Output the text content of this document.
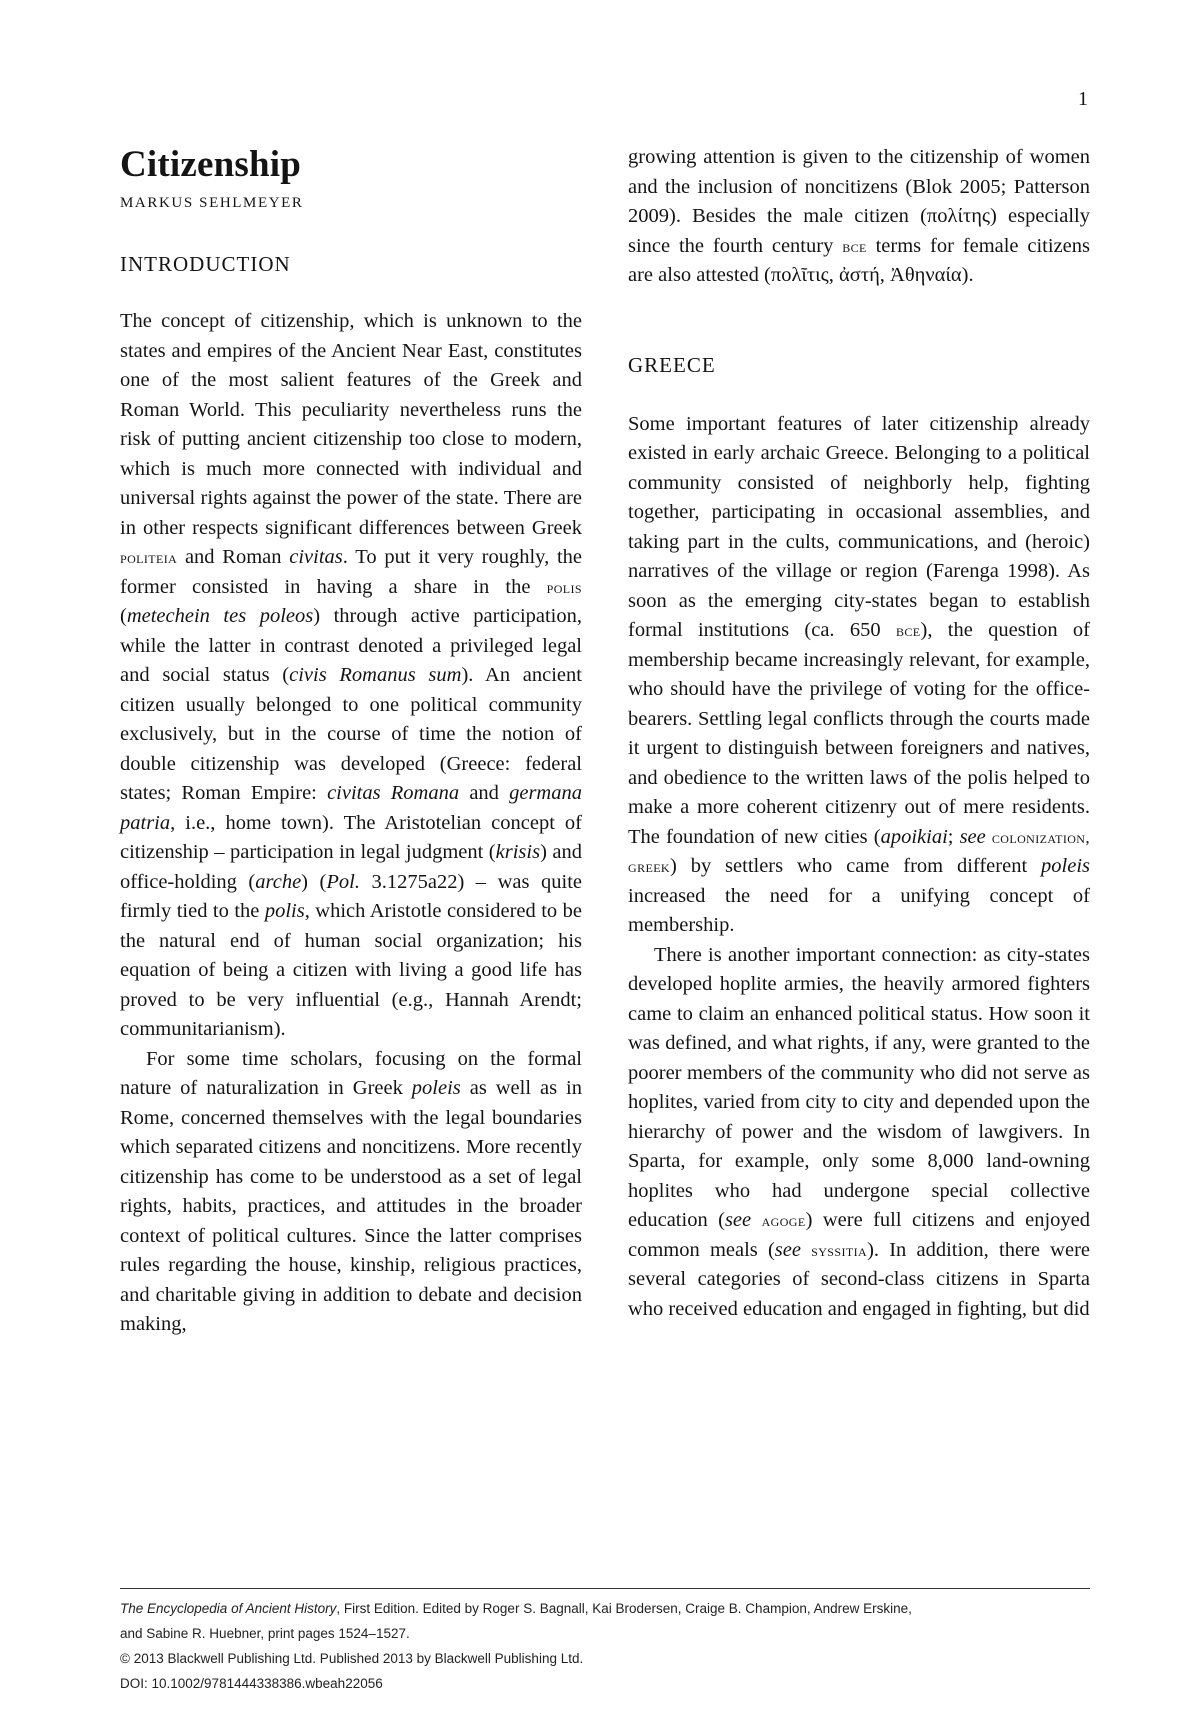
1
Citizenship

MARKUS SEHLMEYER

INTRODUCTION

The concept of citizenship, which is unknown to the states and empires of the Ancient Near East, constitutes one of the most salient features of the Greek and Roman World. This peculiarity nevertheless runs the risk of putting ancient citizenship too close to modern, which is much more connected with individual and universal rights against the power of the state. There are in other respects significant differences between Greek politeia and Roman civitas. To put it very roughly, the former consisted in having a share in the polis (metechein tes poleos) through active participation, while the latter in contrast denoted a privileged legal and social status (civis Romanus sum). An ancient citizen usually belonged to one political community exclusively, but in the course of time the notion of double citizenship was developed (Greece: federal states; Roman Empire: civitas Romana and germana patria, i.e., home town). The Aristotelian concept of citizenship – participation in legal judgment (krisis) and office-holding (arche) (Pol. 3.1275a22) – was quite firmly tied to the polis, which Aristotle considered to be the natural end of human social organization; his equation of being a citizen with living a good life has proved to be very influential (e.g., Hannah Arendt; communitarianism).

For some time scholars, focusing on the formal nature of naturalization in Greek poleis as well as in Rome, concerned themselves with the legal boundaries which separated citizens and noncitizens. More recently citizenship has come to be understood as a set of legal rights, habits, practices, and attitudes in the broader context of political cultures. Since the latter comprises rules regarding the house, kinship, religious practices, and charitable giving in addition to debate and decision making,

growing attention is given to the citizenship of women and the inclusion of noncitizens (Blok 2005; Patterson 2009). Besides the male citizen (πολίτης) especially since the fourth century bce terms for female citizens are also attested (πολῖτις, ἀστή, Ἀθηναία).

GREECE

Some important features of later citizenship already existed in early archaic Greece. Belonging to a political community consisted of neighborly help, fighting together, participating in occasional assemblies, and taking part in the cults, communications, and (heroic) narratives of the village or region (Farenga 1998). As soon as the emerging city-states began to establish formal institutions (ca. 650 bce), the question of membership became increasingly relevant, for example, who should have the privilege of voting for the office-bearers. Settling legal conflicts through the courts made it urgent to distinguish between foreigners and natives, and obedience to the written laws of the polis helped to make a more coherent citizenry out of mere residents. The foundation of new cities (apoikiai; see colonization, greek) by settlers who came from different poleis increased the need for a unifying concept of membership.

There is another important connection: as city-states developed hoplite armies, the heavily armored fighters came to claim an enhanced political status. How soon it was defined, and what rights, if any, were granted to the poorer members of the community who did not serve as hoplites, varied from city to city and depended upon the hierarchy of power and the wisdom of lawgivers. In Sparta, for example, only some 8,000 land-owning hoplites who had undergone special collective education (see agoge) were full citizens and enjoyed common meals (see syssitia). In addition, there were several categories of second-class citizens in Sparta who received education and engaged in fighting, but did

The Encyclopedia of Ancient History, First Edition. Edited by Roger S. Bagnall, Kai Brodersen, Craige B. Champion, Andrew Erskine,

and Sabine R. Huebner, print pages 1524–1527.

© 2013 Blackwell Publishing Ltd. Published 2013 by Blackwell Publishing Ltd.

DOI: 10.1002/9781444338386.wbeah22056
